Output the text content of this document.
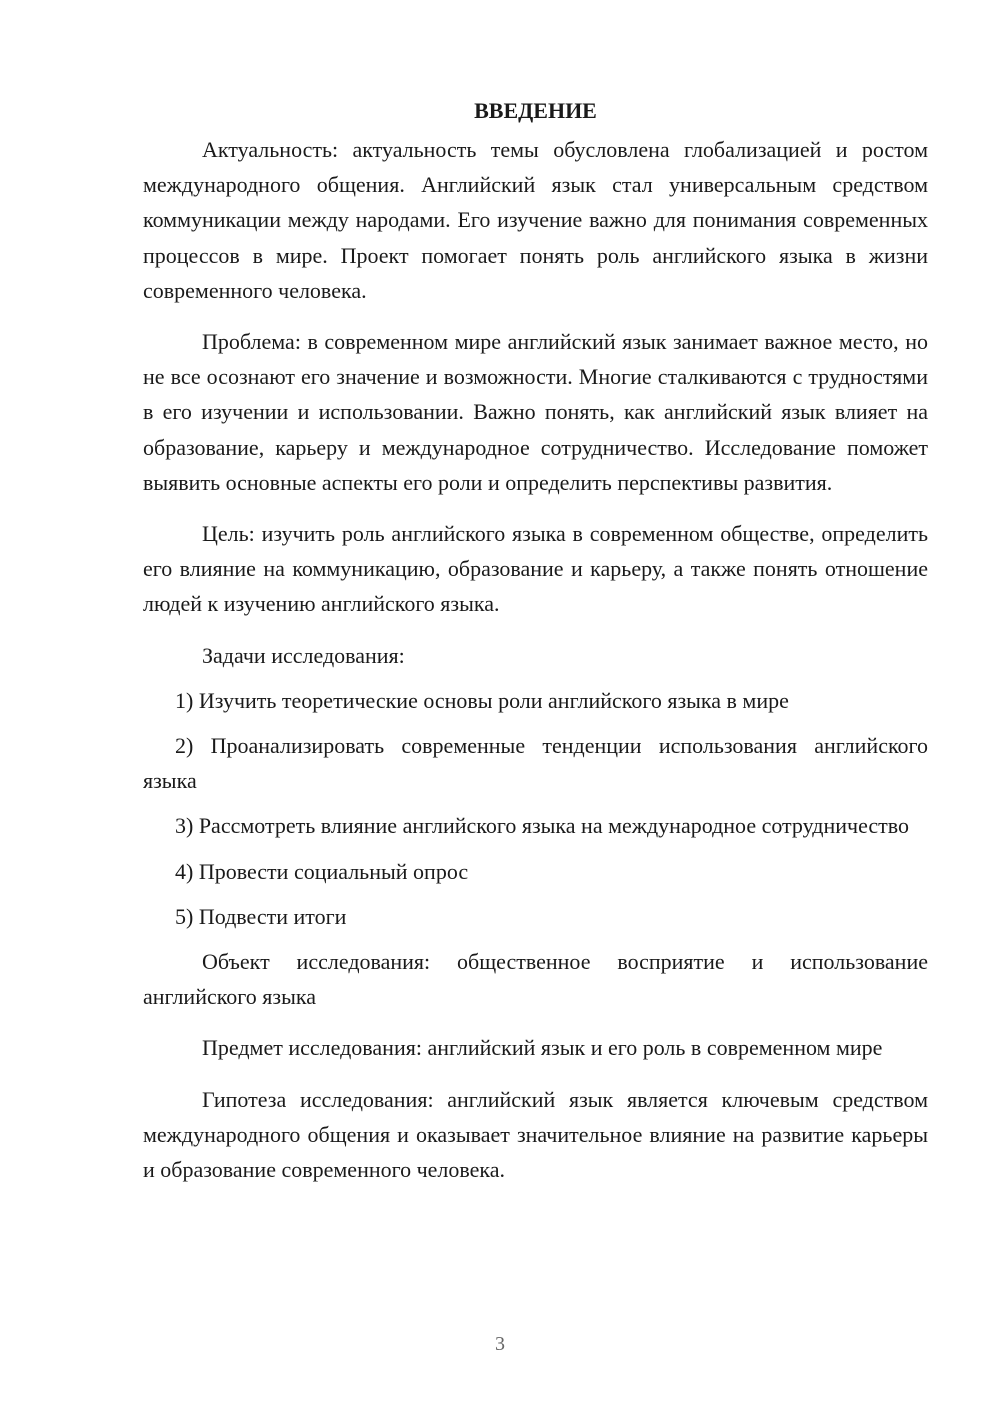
ВВЕДЕНИЕ

Актуальность: актуальность темы обусловлена глобализацией и ростом международного общения. Английский язык стал универсальным средством коммуникации между народами. Его изучение важно для понимания современных процессов в мире. Проект помогает понять роль английского языка в жизни современного человека.

Проблема: в современном мире английский язык занимает важное место, но не все осознают его значение и возможности. Многие сталкиваются с трудностями в его изучении и использовании. Важно понять, как английский язык влияет на образование, карьеру и международное сотрудничество. Исследование поможет выявить основные аспекты его роли и определить перспективы развития.

Цель: изучить роль английского языка в современном обществе, определить его влияние на коммуникацию, образование и карьеру, а также понять отношение людей к изучению английского языка.

Задачи исследования:

1) Изучить теоретические основы роли английского языка в мире

2) Проанализировать современные тенденции использования английского языка

3) Рассмотреть влияние английского языка на международное сотрудничество

4) Провести социальный опрос

5) Подвести итоги

Объект исследования: общественное восприятие и использование английского языка

Предмет исследования: английский язык и его роль в современном мире

Гипотеза исследования: английский язык является ключевым средством международного общения и оказывает значительное влияние на развитие карьеры и образование современного человека.

3
